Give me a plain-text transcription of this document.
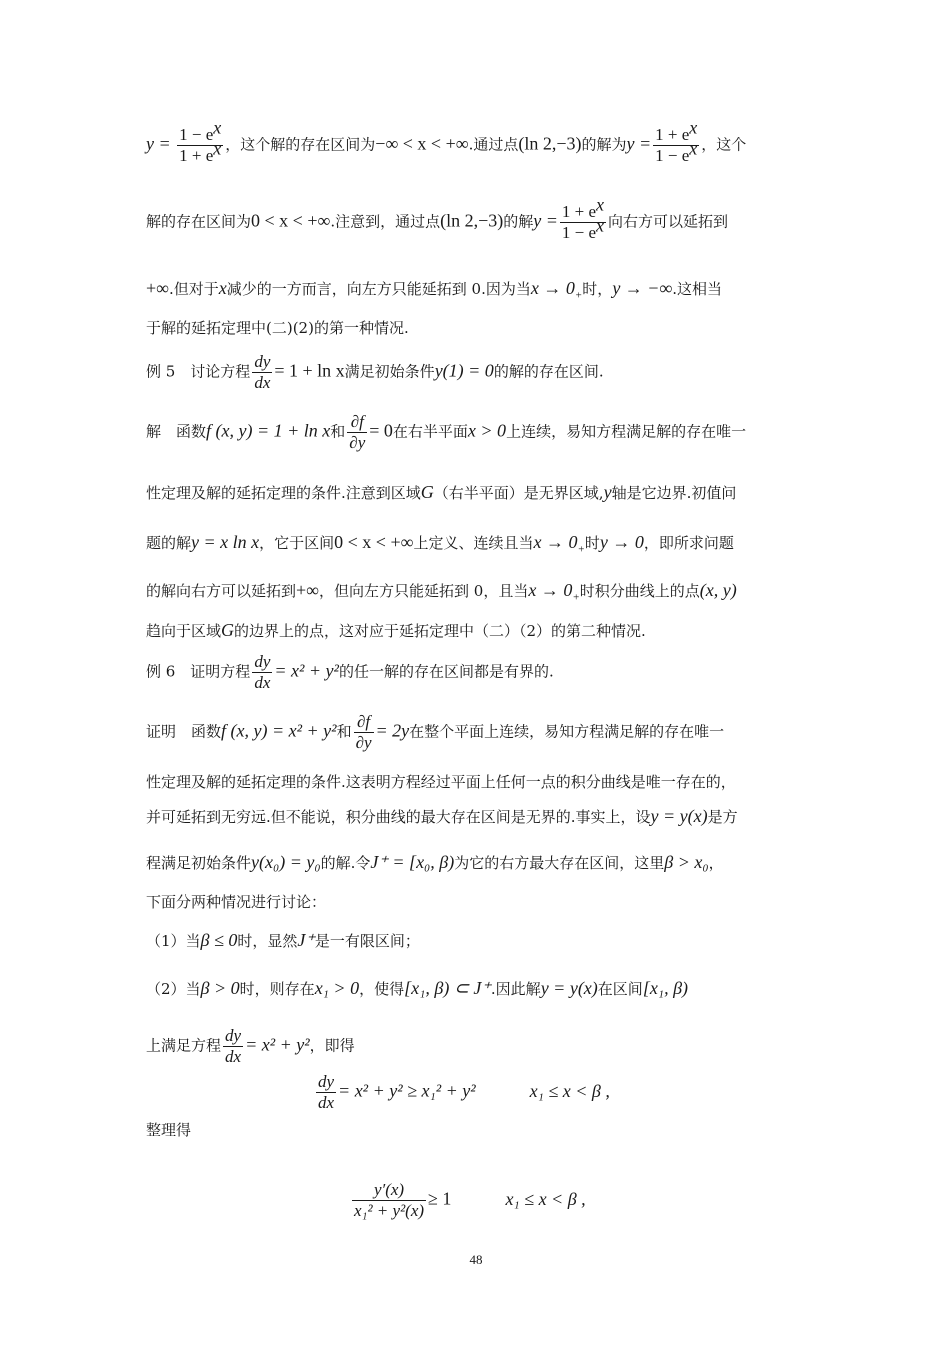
$y = \frac{1 - e^x}{1 + e^x}$ ，这个解的存在区间为−∞ < x < +∞.通过点(ln 2,−3)的解为$y = \frac{1 + e^x}{1 - e^x}$ ，这个
解的存在区间为0 < x < +∞.注意到，通过点(ln 2,−3)的解$y = \frac{1 + e^x}{1 - e^x}$ 向右方可以延拓到
+∞.但对于x减少的一方而言，向左方只能延拓到 0.因为当$x \to 0_+$时，y → −∞.这相当
于解的延拓定理中(二)(2)的第一种情况.
例 5　讨论方程 $\frac{dy}{dx} = 1 + \ln x$满足初始条件y(1) = 0的解的存在区间.
解　函数f (x, y) = 1 + ln x和 $\frac{\partial f}{\partial y} = 0$在右半平面x > 0上连续，易知方程满足解的存在唯一
性定理及解的延拓定理的条件.注意到区域G（右半平面）是无界区域,y轴是它边界.初值问
题的解y = x ln x，它于区间0 < x < +∞上定义、连续且当$x \to 0_+$时y → 0，即所求问题
的解向右方可以延拓到+∞，但向左方只能延拓到 0，且当$x \to 0_+$时积分曲线上的点(x, y)
趋向于区域G的边界上的点，这对应于延拓定理中（二）（2）的第二种情况.
例 6　证明方程 $\frac{dy}{dx} = x^2 + y^2$的任一解的存在区间都是有界的.
证明　函数f (x, y) = x² + y²和 $\frac{\partial f}{\partial y} = 2y$在整个平面上连续，易知方程满足解的存在唯一
性定理及解的延拓定理的条件.这表明方程经过平面上任何一点的积分曲线是唯一存在的，
并可延拓到无穷远.但不能说，积分曲线的最大存在区间是无界的.事实上，设y = y(x)是方
程满足初始条件y(x₀) = y₀的解.令J⁺ = [x₀, β)为它的右方最大存在区间，这里β > x₀，
下面分两种情况进行讨论：
（1）当β ≤ 0时，显然J⁺是一有限区间；
（2）当β > 0时，则存在x₁ > 0，使得[x₁, β) ⊂ J⁺.因此解y = y(x)在区间[x₁, β)
上满足方程 $\frac{dy}{dx} = x^2 + y^2$，即得
$\frac{dy}{dx} = x^2 + y^2 \ge x_1^2 + y^2$	x₁ ≤ x < β ,
整理得
$\frac{y'(x)}{\text{x₁² + y²(x)}} \ge 1$	x₁ ≤ x < β ,
48
